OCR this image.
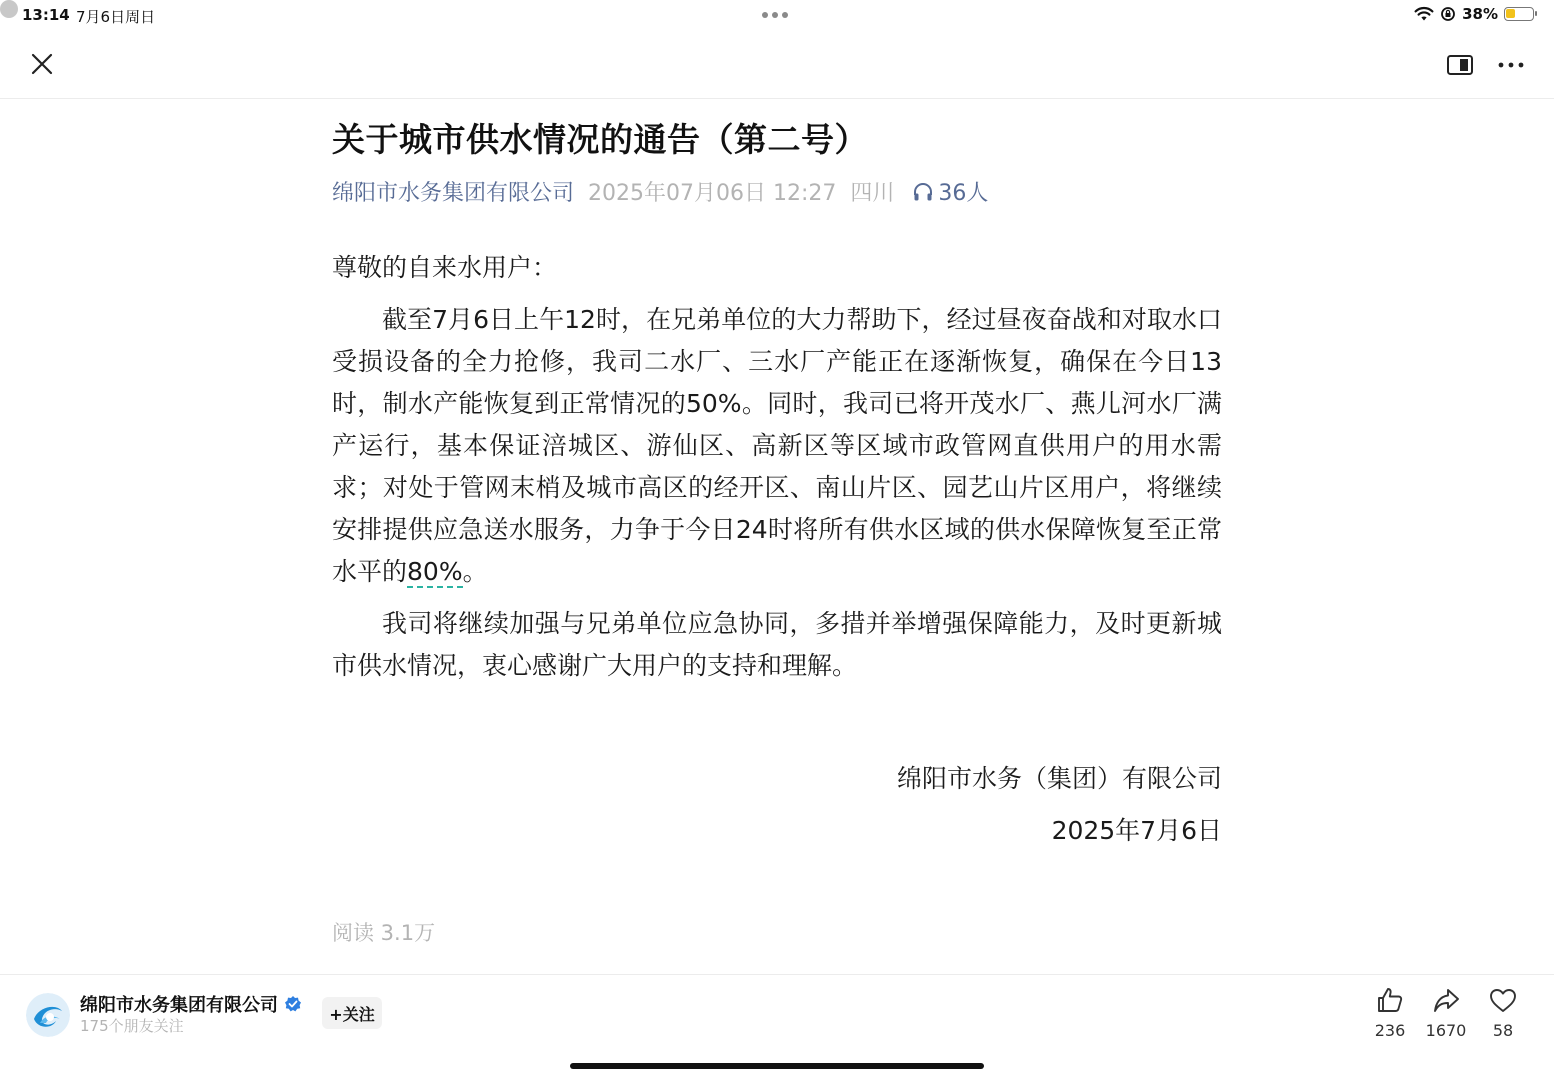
13:14 7月6日周日	38%
关于城市供水情况的通告（第二号）
绵阳市水务集团有限公司 2025年07月06日 12:27 四川 36人

尊敬的自来水用户：

截至7月6日上午12时，在兄弟单位的大力帮助下，经过昼夜奋战和对取水口受损设备的全力抢修，我司二水厂、三水厂产能正在逐渐恢复，确保在今日13时，制水产能恢复到正常情况的50%。同时，我司已将开茂水厂、燕儿河水厂满产运行，基本保证涪城区、游仙区、高新区等区域市政管网直供用户的用水需求；对处于管网末梢及城市高区的经开区、南山片区、园艺山片区用户，将继续安排提供应急送水服务，力争于今日24时将所有供水区域的供水保障恢复至正常水平的80%。

我司将继续加强与兄弟单位应急协同，多措并举增强保障能力，及时更新城市供水情况，衷心感谢广大用户的支持和理解。

绵阳市水务（集团）有限公司
2025年7月6日
阅读 3.1万
绵阳市水务集团有限公司
175个朋友关注
+关注
236	1670	58
